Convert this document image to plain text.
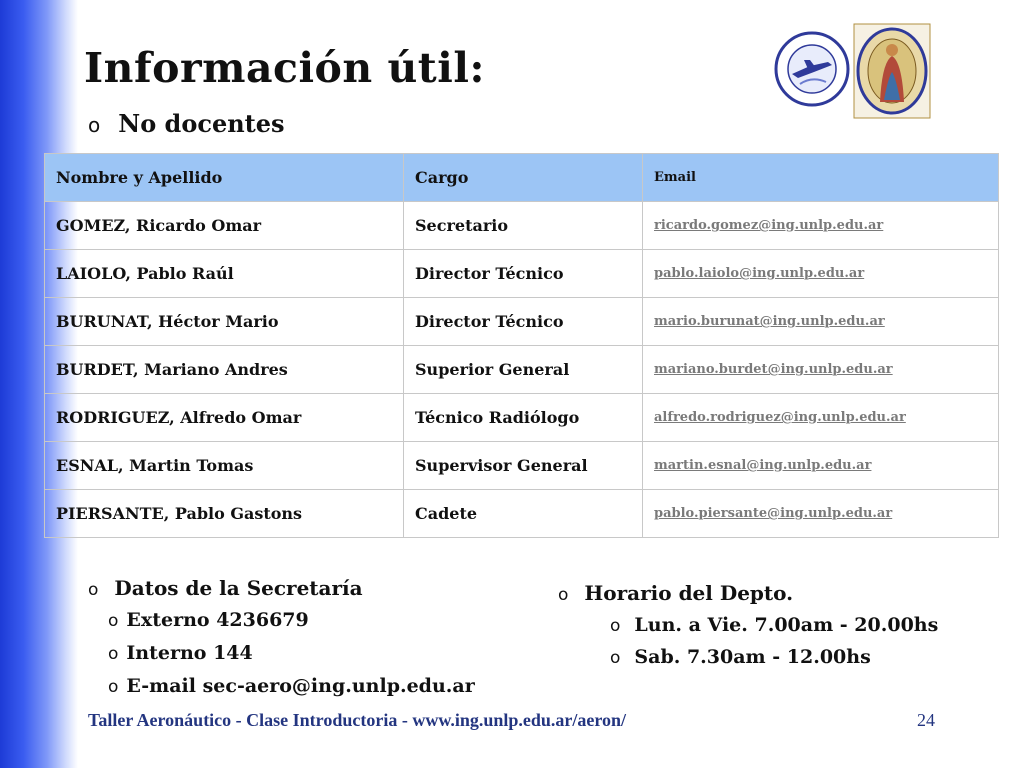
Información útil:
o No docentes
Nombre y Apellido	Cargo	Email
GOMEZ, Ricardo Omar	Secretario	ricardo.gomez@ing.unlp.edu.ar
LAIOLO, Pablo Raúl	Director Técnico	pablo.laiolo@ing.unlp.edu.ar
BURUNAT, Héctor Mario	Director Técnico	mario.burunat@ing.unlp.edu.ar
BURDET, Mariano Andres	Superior General	mariano.burdet@ing.unlp.edu.ar
RODRIGUEZ, Alfredo Omar	Técnico Radiólogo	alfredo.rodriguez@ing.unlp.edu.ar
ESNAL, Martin Tomas	Supervisor General	martin.esnal@ing.unlp.edu.ar
PIERSANTE, Pablo Gastons	Cadete	pablo.piersante@ing.unlp.edu.ar
o Datos de la Secretaría
o Externo 4236679
o Interno 144
o E-mail sec-aero@ing.unlp.edu.ar
o Horario del Depto.
o Lun. a Vie. 7.00am - 20.00hs
o Sab. 7.30am - 12.00hs
Taller Aeronáutico - Clase Introductoria - www.ing.unlp.edu.ar/aeron/	24
